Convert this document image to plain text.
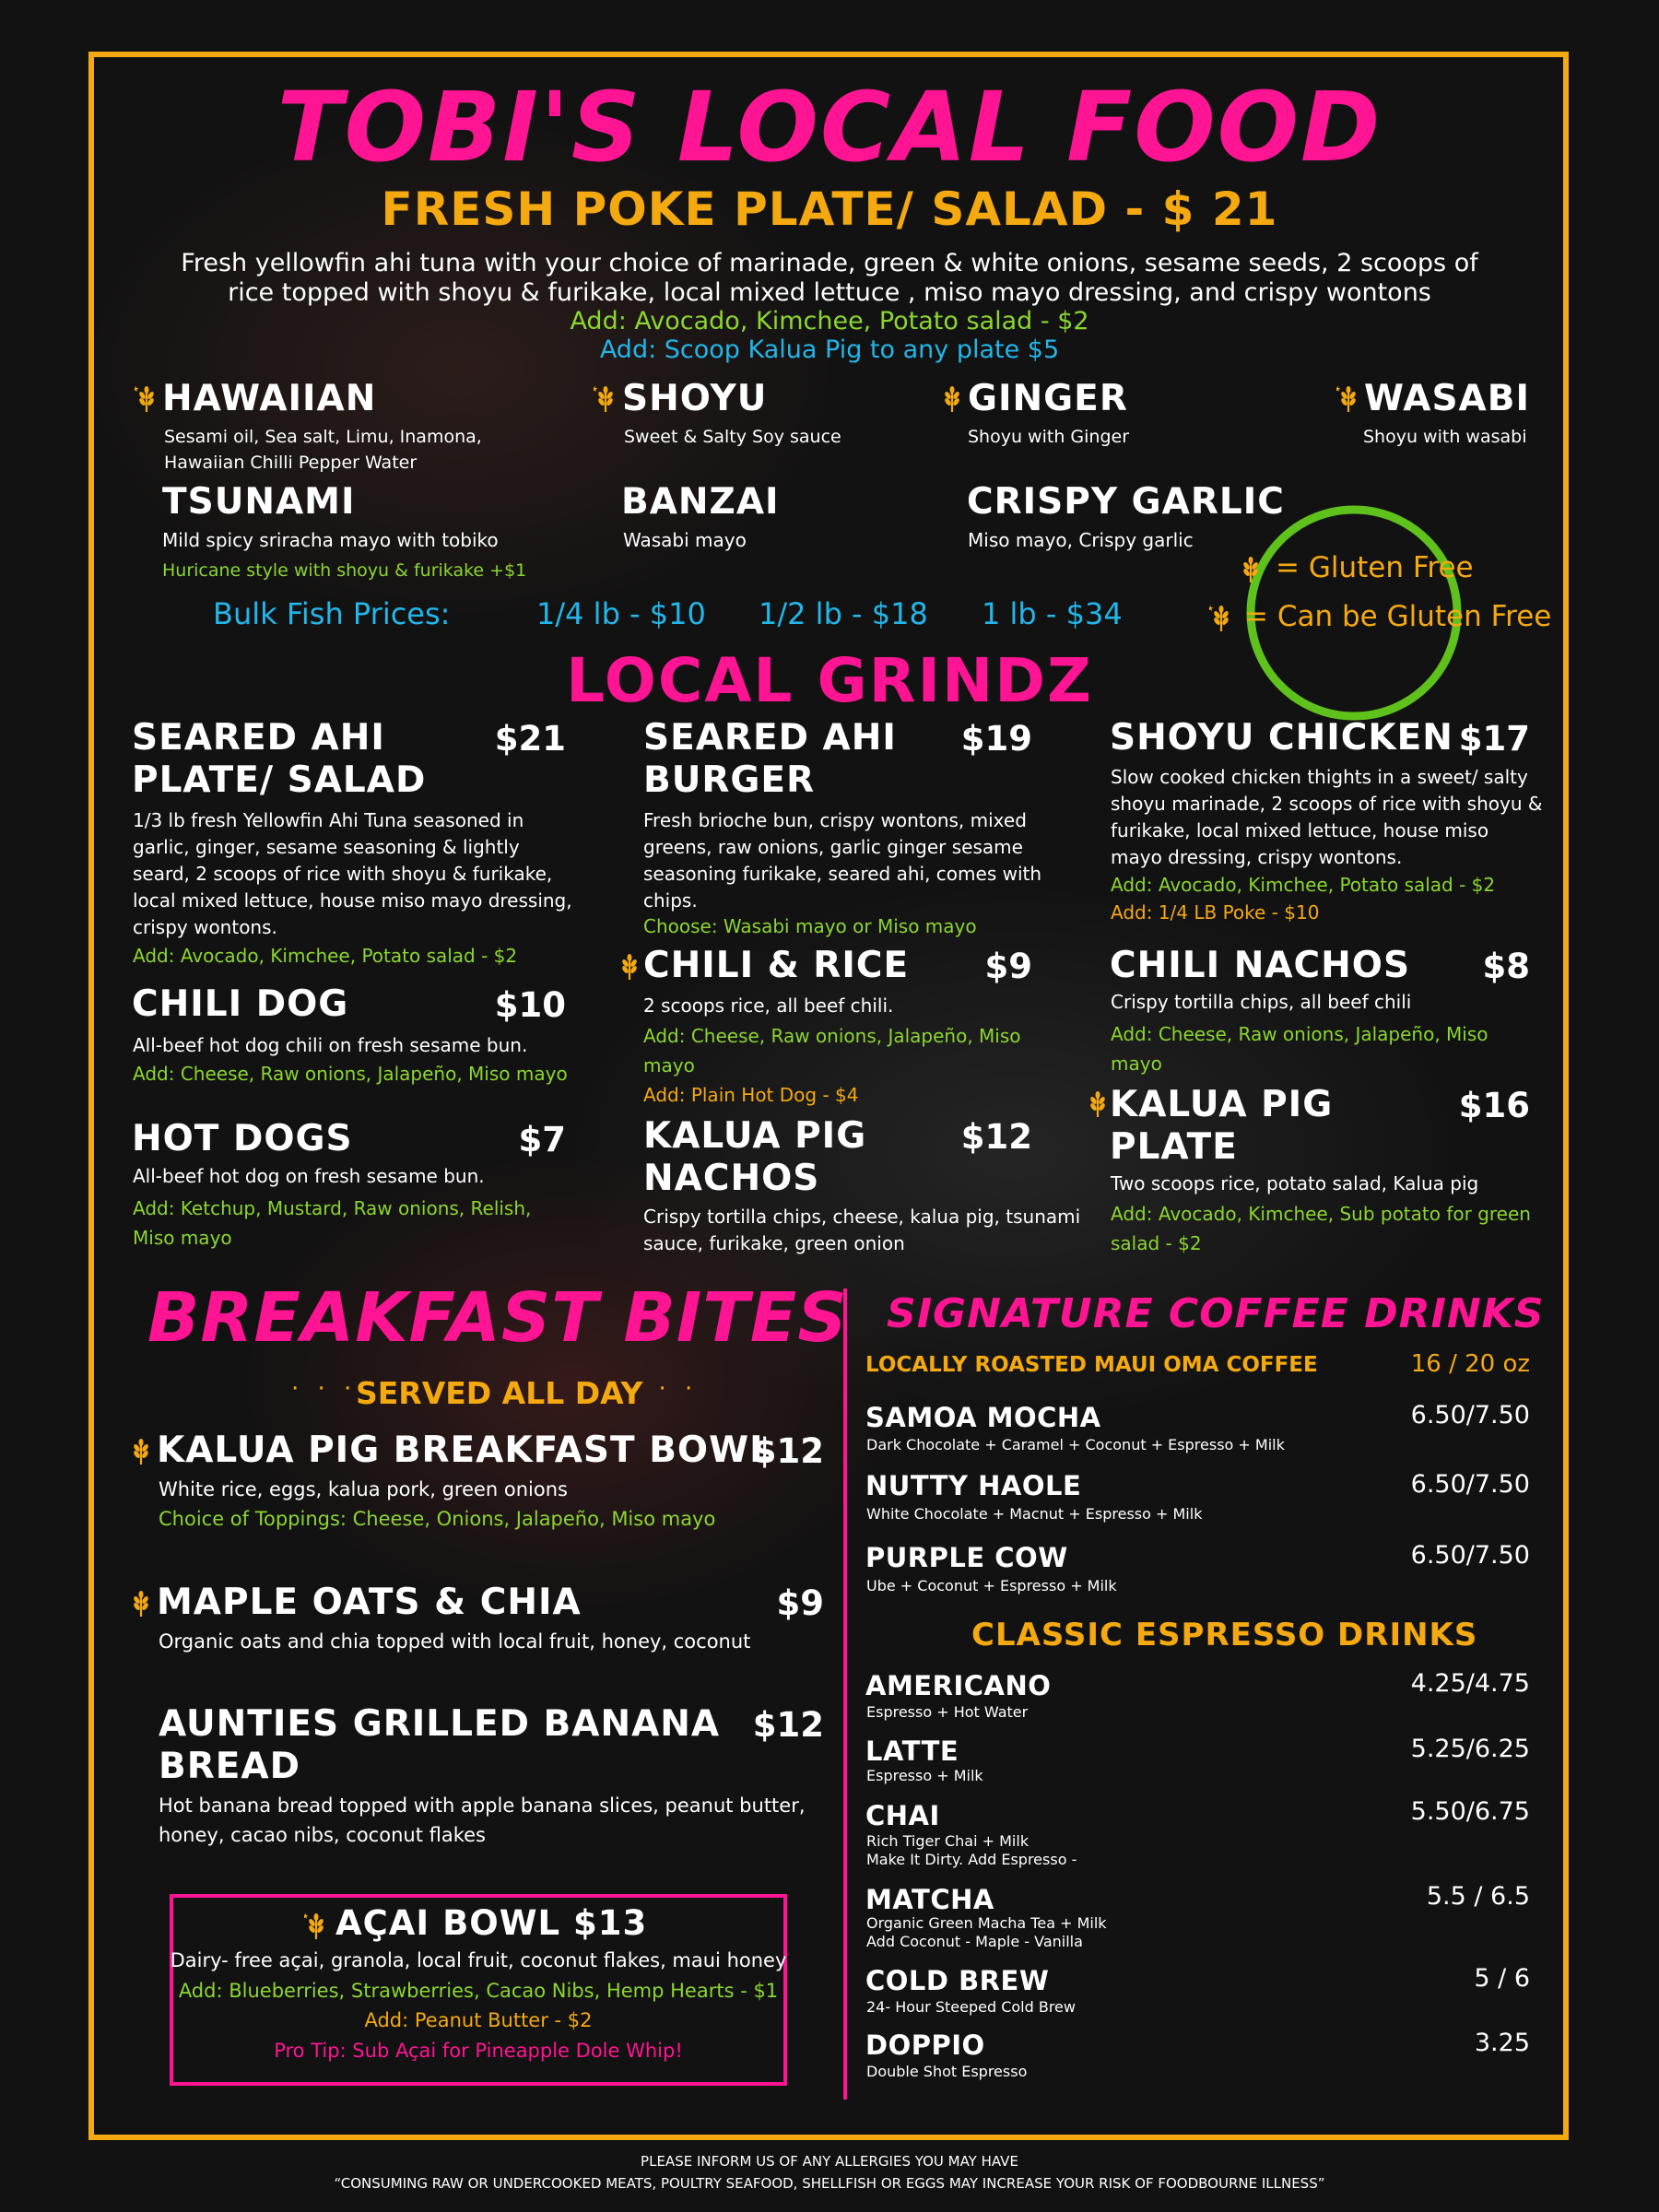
TOBI'S LOCAL FOOD
FRESH POKE PLATE/ SALAD - $ 21
Fresh yellowfin ahi tuna with your choice of marinade, green & white onions, sesame seeds, 2 scoops of
rice topped with shoyu & furikake, local mixed lettuce , miso mayo dressing, and crispy wontons
Add: Avocado, Kimchee, Potato salad - $2
Add: Scoop Kalua Pig to any plate $5
HAWAIIAN
Sesami oil, Sea salt, Limu, Inamona,
Hawaiian Chilli Pepper Water
SHOYU
Sweet & Salty Soy sauce
GINGER
Shoyu with Ginger
WASABI
Shoyu with wasabi
TSUNAMI
Mild spicy sriracha mayo with tobiko
Huricane style with shoyu & furikake +$1
BANZAI
Wasabi mayo
CRISPY GARLIC
Miso mayo, Crispy garlic
= Gluten Free
= Can be Gluten Free
Bulk Fish Prices:	1/4 lb - $10 1/2 lb - $18 1 lb - $34
LOCAL GRINDZ
SEARED AHI
PLATE/ SALAD
$21
1/3 lb fresh Yellowfin Ahi Tuna seasoned in
garlic, ginger, sesame seasoning & lightly
seard, 2 scoops of rice with shoyu & furikake,
local mixed lettuce, house miso mayo dressing,
crispy wontons.
Add: Avocado, Kimchee, Potato salad - $2
CHILI DOG	$10
All-beef hot dog chili on fresh sesame bun.
Add: Cheese, Raw onions, Jalapeño, Miso mayo
HOT DOGS	$7
All-beef hot dog on fresh sesame bun.
Add: Ketchup, Mustard, Raw onions, Relish,
Miso mayo
SEARED AHI
BURGER
$19
Fresh brioche bun, crispy wontons, mixed
greens, raw onions, garlic ginger sesame
seasoning furikake, seared ahi, comes with
chips.
Choose: Wasabi mayo or Miso mayo
CHILI & RICE	$9
2 scoops rice, all beef chili.
Add: Cheese, Raw onions, Jalapeño, Miso
mayo
Add: Plain Hot Dog - $4
KALUA PIG
NACHOS
$12
Crispy tortilla chips, cheese, kalua pig, tsunami
sauce, furikake, green onion
SHOYU CHICKEN $17
Slow cooked chicken thights in a sweet/ salty
shoyu marinade, 2 scoops of rice with shoyu &
furikake, local mixed lettuce, house miso
mayo dressing, crispy wontons.
Add: Avocado, Kimchee, Potato salad - $2
Add: 1/4 LB Poke - $10
CHILI NACHOS	$8
Crispy tortilla chips, all beef chili
Add: Cheese, Raw onions, Jalapeño, Miso
mayo
KALUA PIG
PLATE
$16
Two scoops rice, potato salad, Kalua pig
Add: Avocado, Kimchee, Sub potato for green
salad - $2
BREAKFAST BITES
· · ·
SERVED ALL DAY
· · ·
KALUA PIG BREAKFAST BOWL
$12
White rice, eggs, kalua pork, green onions
Choice of Toppings: Cheese, Onions, Jalapeño, Miso mayo
MAPLE OATS & CHIA	$9
Organic oats and chia topped with local fruit, honey, coconut
AUNTIES GRILLED BANANA
BREAD
$12
Hot banana bread topped with apple banana slices, peanut butter,
honey, cacao nibs, coconut flakes
AÇAI BOWL $13
Dairy- free açai, granola, local fruit, coconut flakes, maui honey
Add: Blueberries, Strawberries, Cacao Nibs, Hemp Hearts - $1
Add: Peanut Butter - $2
Pro Tip: Sub Açai for Pineapple Dole Whip!
SIGNATURE COFFEE DRINKS
LOCALLY ROASTED MAUI OMA COFFEE	16 / 20 oz
SAMOA MOCHA
Dark Chocolate + Caramel + Coconut + Espresso + Milk
6.50/7.50
NUTTY HAOLE
White Chocolate + Macnut + Espresso + Milk
6.50/7.50
PURPLE COW
Ube + Coconut + Espresso + Milk
6.50/7.50
CLASSIC ESPRESSO DRINKS
AMERICANO
Espresso + Hot Water
4.25/4.75
LATTE
Espresso + Milk
5.25/6.25
CHAI
Rich Tiger Chai + Milk
Make It Dirty. Add Espresso -
5.50/6.75
MATCHA
Organic Green Macha Tea + Milk
Add Coconut - Maple - Vanilla
5.5 / 6.5
COLD BREW
24- Hour Steeped Cold Brew
5 / 6
DOPPIO
Double Shot Espresso
3.25
PLEASE INFORM US OF ANY ALLERGIES YOU MAY HAVE
“CONSUMING RAW OR UNDERCOOKED MEATS, POULTRY SEAFOOD, SHELLFISH OR EGGS MAY INCREASE YOUR RISK OF FOODBOURNE ILLNESS”
